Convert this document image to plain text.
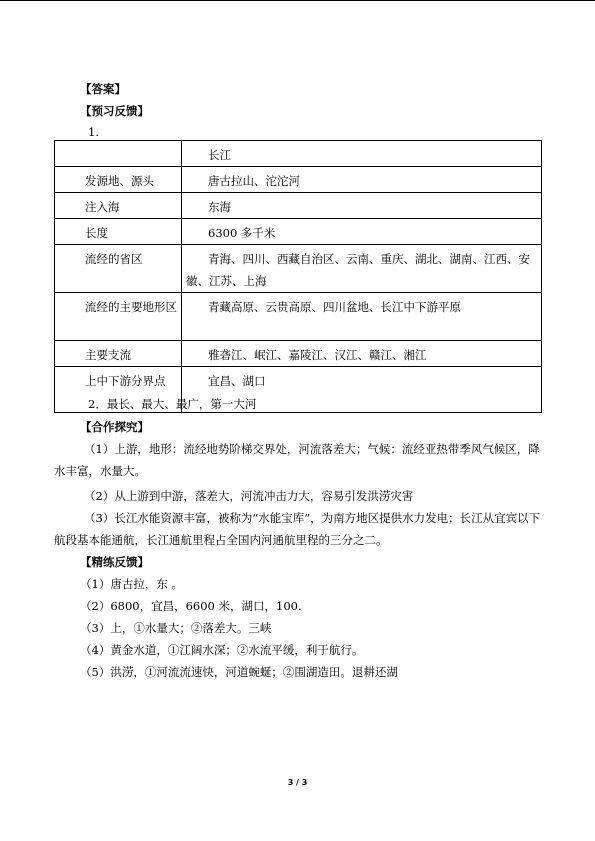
【答案】
【预习反馈】
1.
	长江
发源地、源头	唐古拉山、沱沱河
注入海	东海
长度	6300 多千米
流经的省区	青海、四川、西藏自治区、云南、重庆、湖北、湖南、江西、安徽、江苏、上海
流经的主要地形区	青藏高原、云贵高原、四川盆地、长江中下游平原
主要支流	雅砻江、岷江、嘉陵江、汉江、赣江、湘江
上中下游分界点	宜昌、湖口
2．最长、最大、最广，第一大河
【合作探究】
（1）上游，地形：流经地势阶梯交界处，河流落差大；气候：流经亚热带季风气候区，降水丰富，水量大。
（2）从上游到中游，落差大，河流冲击力大，容易引发洪涝灾害
（3）长江水能资源丰富，被称为“水能宝库”，为南方地区提供水力发电；长江从宜宾以下航段基本能通航，长江通航里程占全国内河通航里程的三分之二。
【精练反馈】
（1）唐古拉，东 。
（2）6800，宜昌，6600 米，湖口，100.
（3）上，①水量大；②落差大。三峡
（4）黄金水道，①江阔水深；②水流平缓，利于航行。
（5）洪涝，①河流流速快，河道蜿蜒；②围湖造田。退耕还湖
3 / 3
